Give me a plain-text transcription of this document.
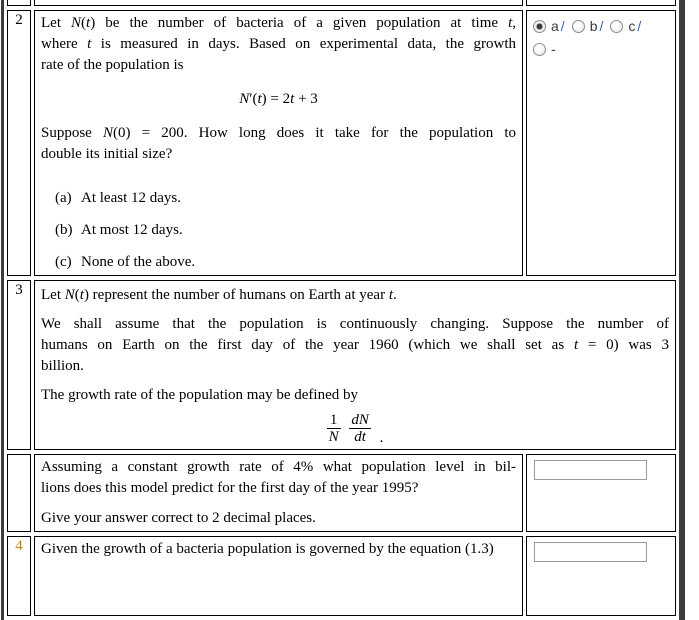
2	Let N(t) be the number of bacteria of a given population at time t,
where t is measured in days. Based on experimental data, the growth
rate of the population is
N′(t) = 2t + 3
Suppose N(0) = 200. How long does it take for the population to
double its initial size?
(a) At least 12 days.
(b) At most 12 days.
(c) None of the above.

a / b / c /
-

3	Let N(t) represent the number of humans on Earth at year t.
We shall assume that the population is continuously changing. Suppose the number of
humans on Earth on the first day of the year 1960 (which we shall set as t = 0) was 3
billion.
The growth rate of the population may be defined by
$\frac{1}{N}$
$\frac{dN}{dt}$ .

	Assuming a constant growth rate of 4% what population level in bil-
lions does this model predict for the first day of the year 1995?
Give your answer correct to 2 decimal places.

4	Given the growth of a bacteria population is governed by the equation (1.3)
